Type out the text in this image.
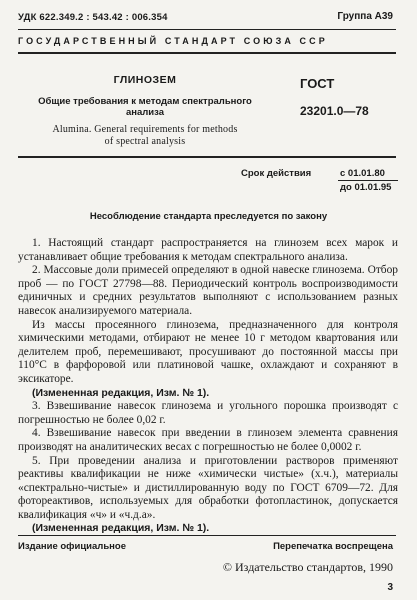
УДК 622.349.2 : 543.42 : 006.354	Группа А39
ГОСУДАРСТВЕННЫЙ СТАНДАРТ СОЮЗА ССР
ГЛИНОЗЕМ
Общие требования к методам спектрального
анализа
Alumina. General requirements for methods
of spectral analysis
ГОСТ
23201.0—78
Срок действия	с 01.01.80
до 01.01.95
Несоблюдение стандарта преследуется по закону

1. Настоящий стандарт распространяется на глинозем всех марок и устанавливает общие требования к методам спектрального анализа.

2. Массовые доли примесей определяют в одной навеске глинозема. Отбор проб — по ГОСТ 27798—88. Периодический контроль воспроизводимости единичных и средних результатов выполняют с использованием разных навесок анализируемого материала.

Из массы просеянного глинозема, предназначенного для контроля химическими методами, отбирают не менее 10 г методом квартования или делителем проб, перемешивают, просушивают до постоянной массы при 110°C в фарфоровой или платиновой чашке, охлаждают и сохраняют в эксикаторе.

(Измененная редакция, Изм. № 1).

3. Взвешивание навесок глинозема и угольного порошка производят с погрешностью не более 0,02 г.

4. Взвешивание навесок при введении в глинозем элемента сравнения производят на аналитических весах с погрешностью не более 0,0002 г.

5. При проведении анализа и приготовлении растворов применяют реактивы квалификации не ниже «химически чистые» (х.ч.), материалы «спектрально-чистые» и дистиллированную воду по ГОСТ 6709—72. Для фотореактивов, используемых для обработки фотопластинок, допускается квалификация «ч» и «ч.д.а».

(Измененная редакция, Изм. № 1).

Издание официальное	Перепечатка воспрещена
© Издательство стандартов, 1990
3
